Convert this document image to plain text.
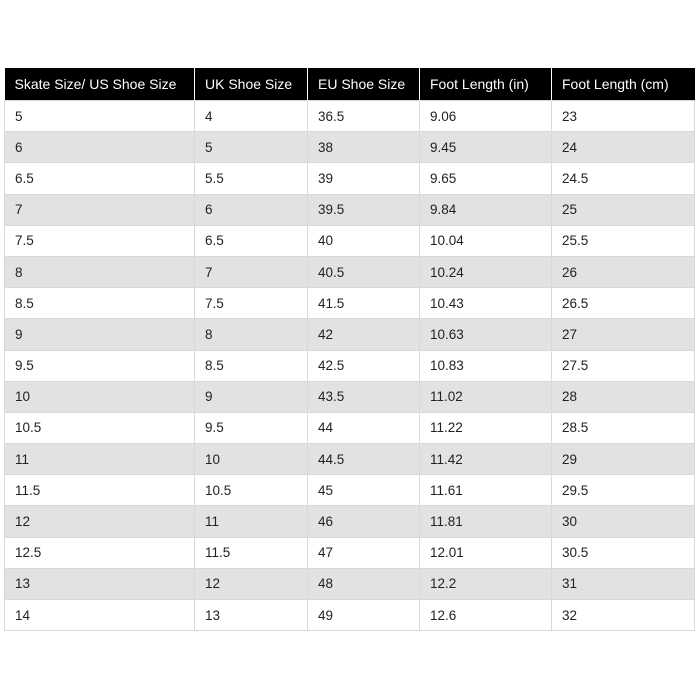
Skate Size/ US Shoe Size	UK Shoe Size	EU Shoe Size	Foot Length (in)	Foot Length (cm)
5	4	36.5	9.06	23
6	5	38	9.45	24
6.5	5.5	39	9.65	24.5
7	6	39.5	9.84	25
7.5	6.5	40	10.04	25.5
8	7	40.5	10.24	26
8.5	7.5	41.5	10.43	26.5
9	8	42	10.63	27
9.5	8.5	42.5	10.83	27.5
10	9	43.5	11.02	28
10.5	9.5	44	11.22	28.5
11	10	44.5	11.42	29
11.5	10.5	45	11.61	29.5
12	11	46	11.81	30
12.5	11.5	47	12.01	30.5
13	12	48	12.2	31
14	13	49	12.6	32
